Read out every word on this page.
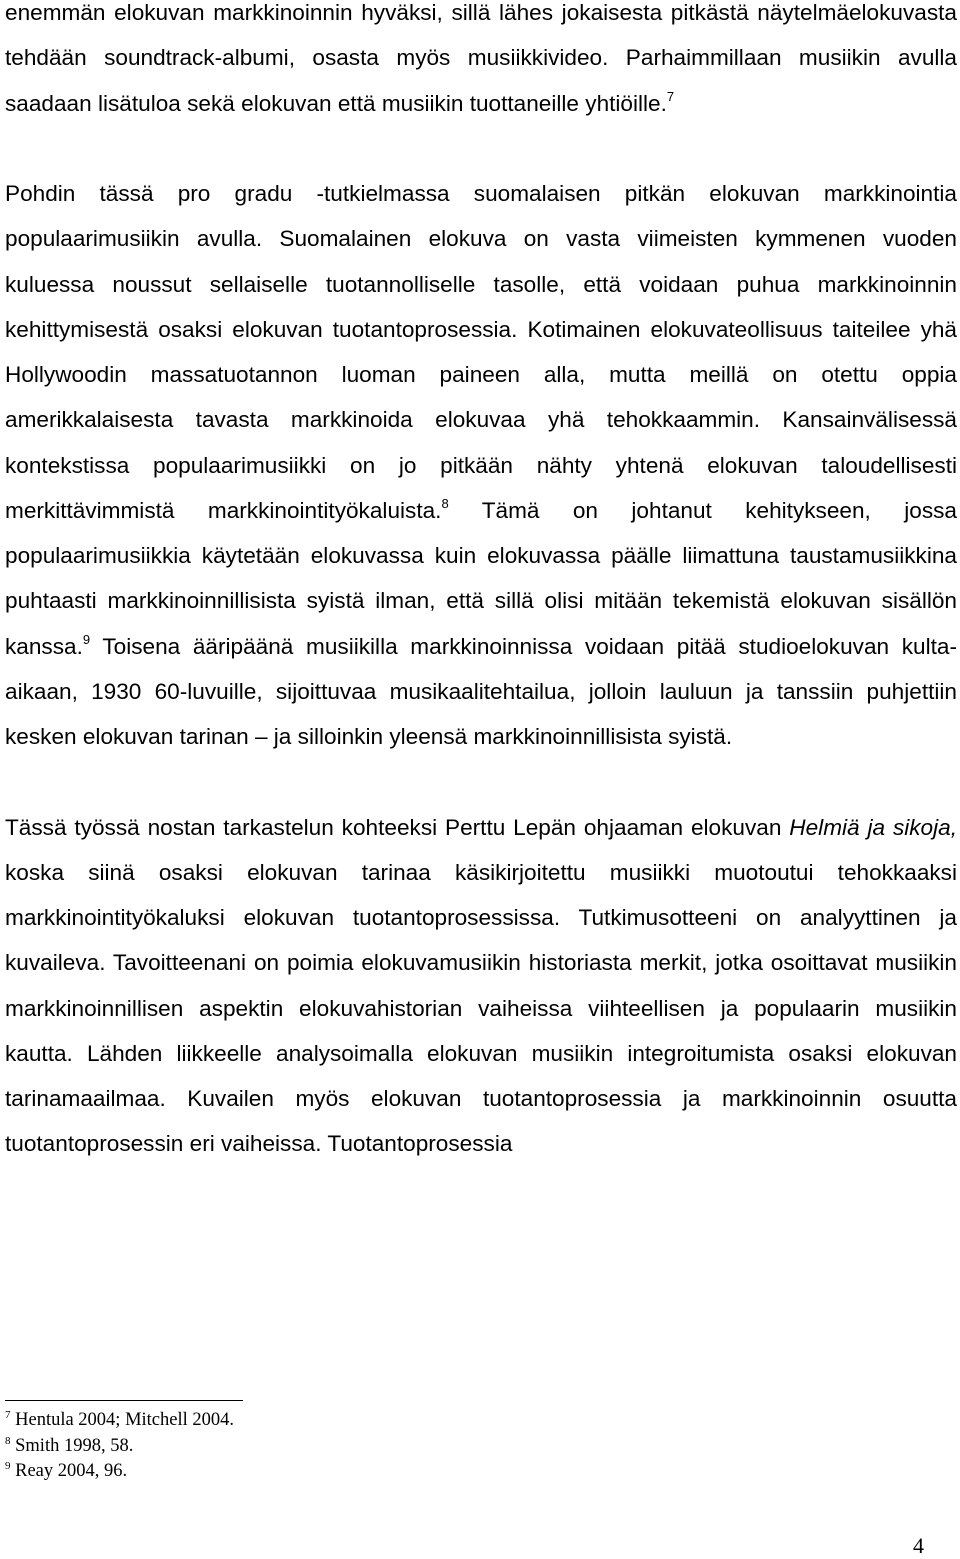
enemmän elokuvan markkinoinnin hyväksi, sillä lähes jokaisesta pitkästä näytelmäelokuvasta tehdään soundtrack-albumi, osasta myös musiikkivideo. Parhaimmillaan musiikin avulla saadaan lisätuloa sekä elokuvan että musiikin tuottaneille yhtiöille.$^7$

Pohdin tässä pro gradu -tutkielmassa suomalaisen pitkän elokuvan markkinointia populaarimusiikin avulla. Suomalainen elokuva on vasta viimeisten kymmenen vuoden kuluessa noussut sellaiselle tuotannolliselle tasolle, että voidaan puhua markkinoinnin kehittymisestä osaksi elokuvan tuotantoprosessia. Kotimainen elokuvateollisuus taiteilee yhä Hollywoodin massatuotannon luoman paineen alla, mutta meillä on otettu oppia amerikkalaisesta tavasta markkinoida elokuvaa yhä tehokkaammin. Kansainvälisessä kontekstissa populaarimusiikki on jo pitkään nähty yhtenä elokuvan taloudellisesti merkittävimmistä markkinointityökaluista.$^8$ Tämä on johtanut kehitykseen, jossa populaarimusiikkia käytetään elokuvassa kuin elokuvassa päälle liimattuna taustamusiikkina puhtaasti markkinoinnillisista syistä ilman, että sillä olisi mitään tekemistä elokuvan sisällön kanssa.$^9$ Toisena ääripäänä musiikilla markkinoinnissa voidaan pitää studioelokuvan kulta-aikaan, 1930 60-luvuille, sijoittuvaa musikaalitehtailua, jolloin lauluun ja tanssiin puhjettiin kesken elokuvan tarinan – ja silloinkin yleensä markkinoinnillisista syistä.

Tässä työssä nostan tarkastelun kohteeksi Perttu Lepän ohjaaman elokuvan Helmiä ja sikoja, koska siinä osaksi elokuvan tarinaa käsikirjoitettu musiikki muotoutui tehokkaaksi markkinointityökaluksi elokuvan tuotantoprosessissa. Tutkimusotteeni on analyyttinen ja kuvaileva. Tavoitteenani on poimia elokuvamusiikin historiasta merkit, jotka osoittavat musiikin markkinoinnillisen aspektin elokuvahistorian vaiheissa viihteellisen ja populaarin musiikin kautta. Lähden liikkeelle analysoimalla elokuvan musiikin integroitumista osaksi elokuvan tarinamaailmaa. Kuvailen myös elokuvan tuotantoprosessia ja markkinoinnin osuutta tuotantoprosessin eri vaiheissa. Tuotantoprosessia

$^7$ Hentula 2004; Mitchell 2004.
$^8$ Smith 1998, 58.
$^9$ Reay 2004, 96.
4
